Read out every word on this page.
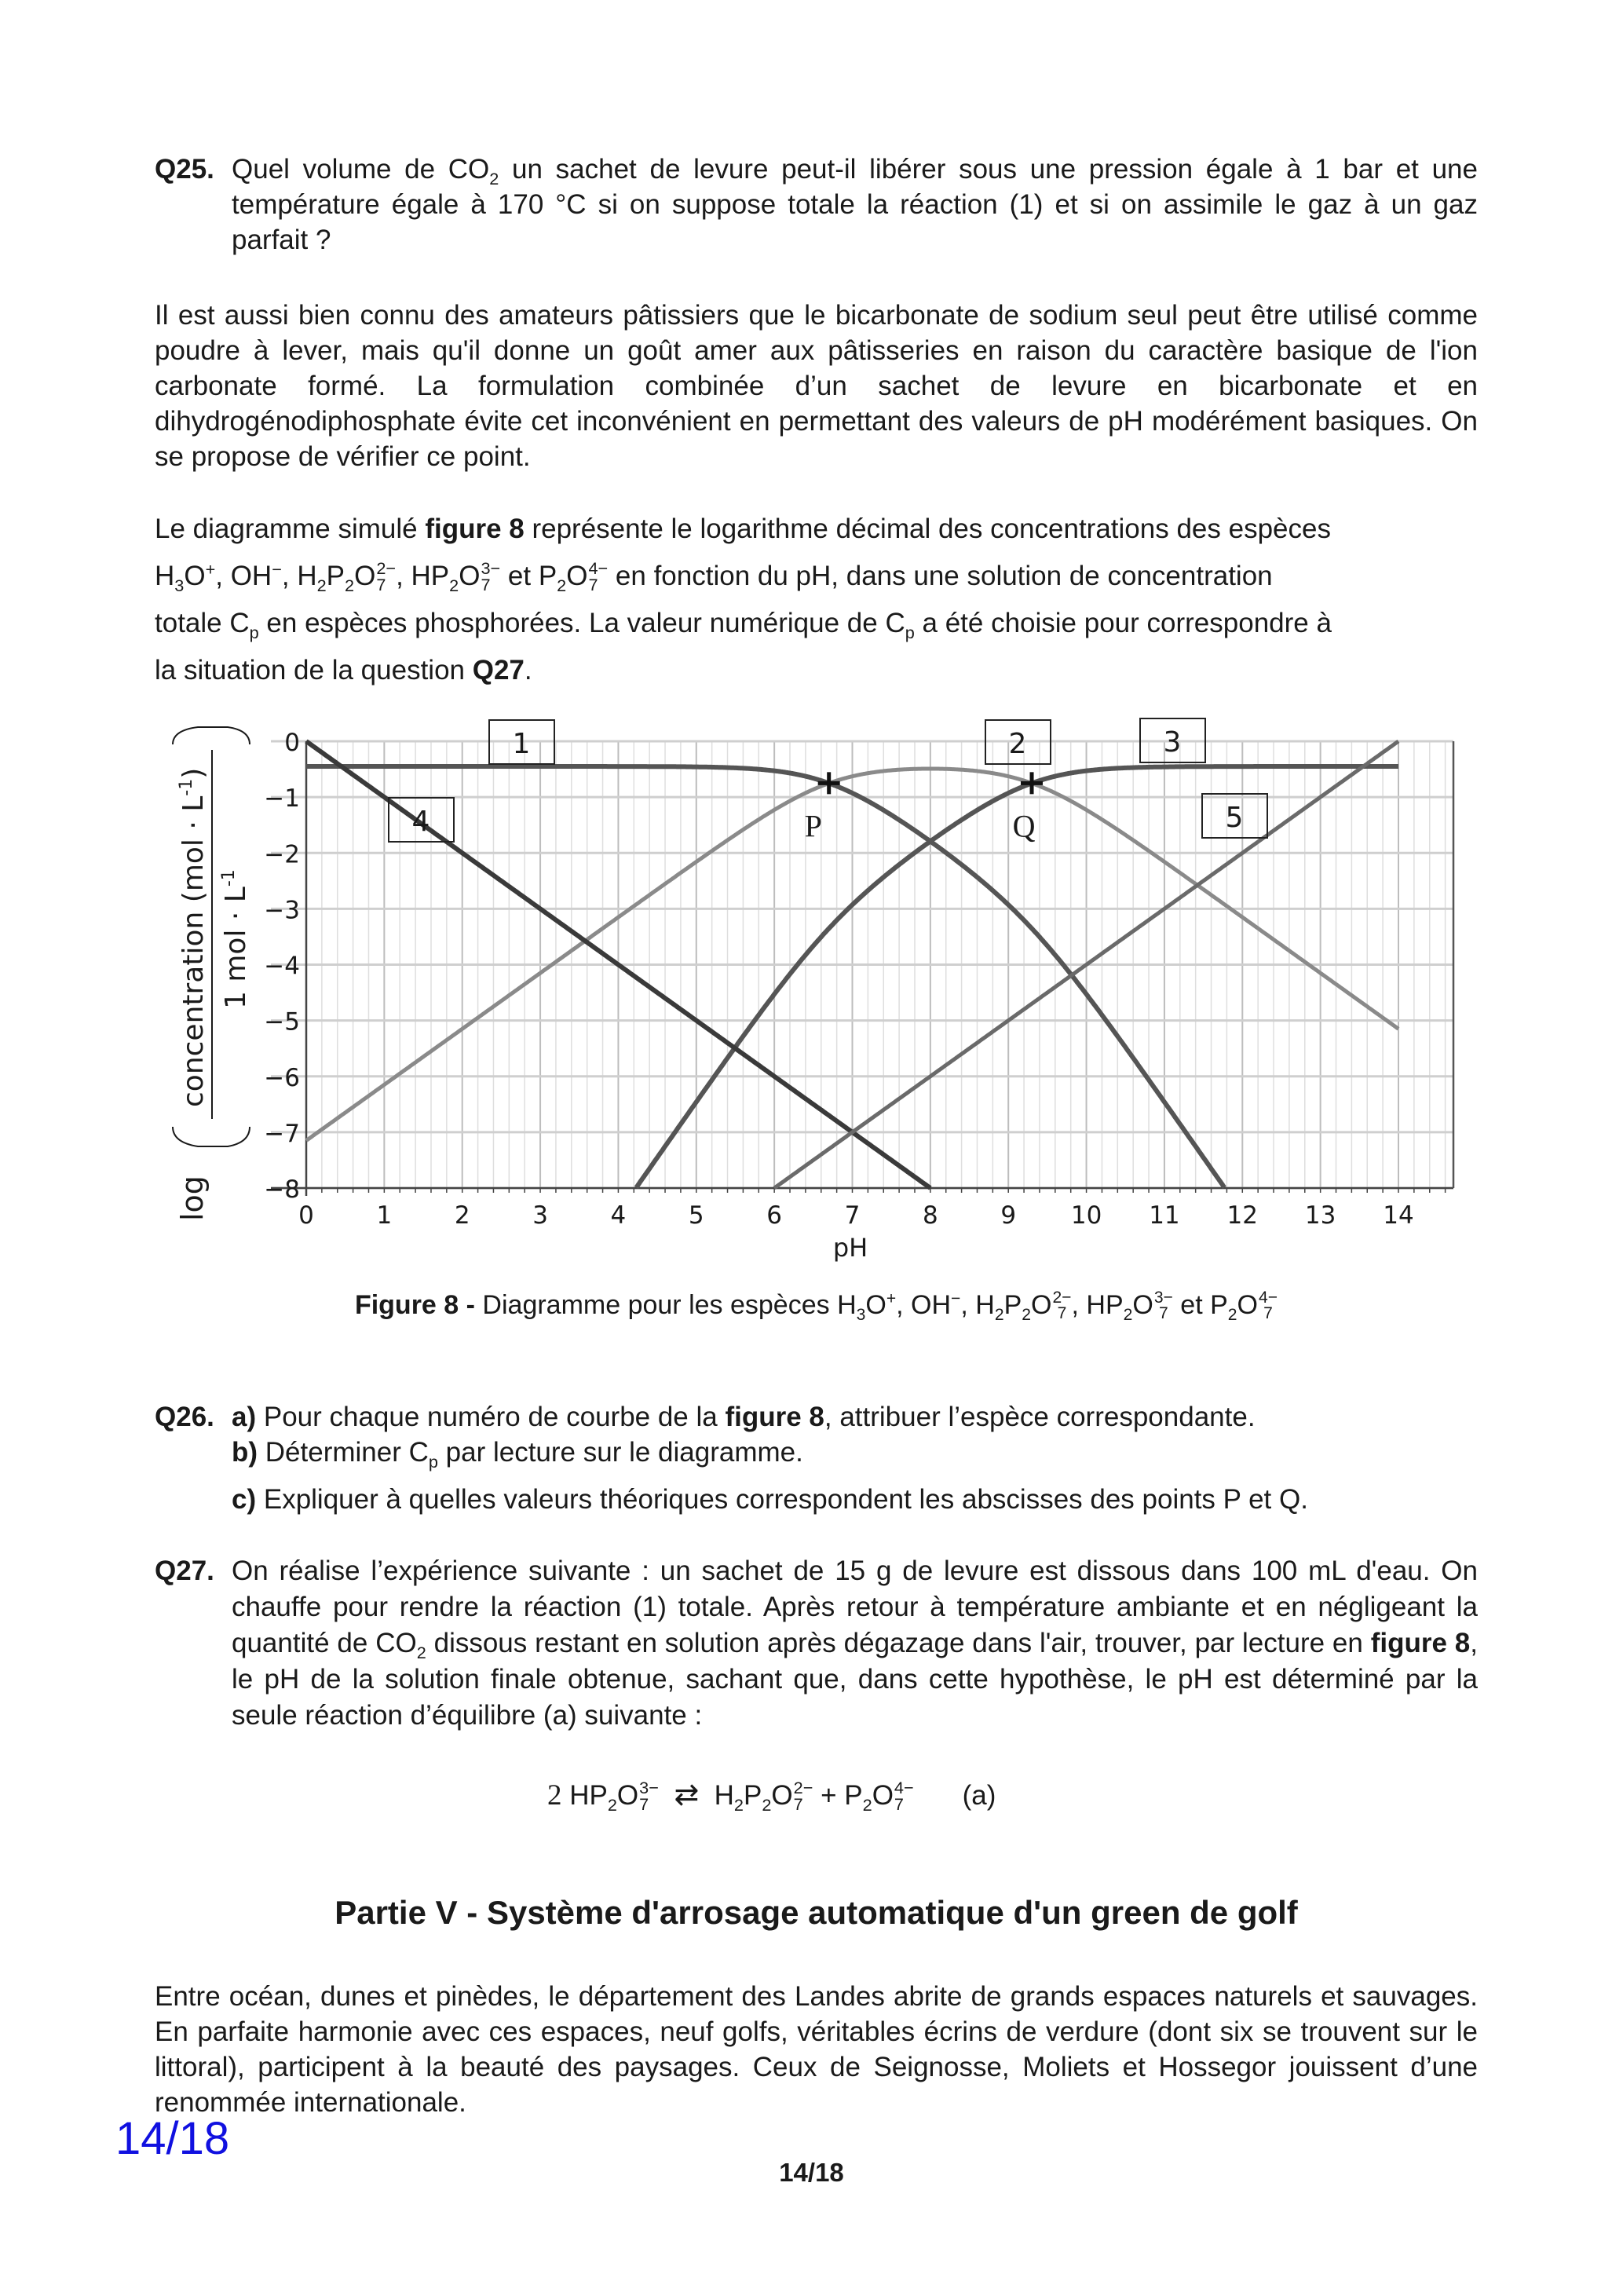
Q25. Quel volume de $CO_2$ un sachet de levure peut-il libérer sous une pression égale à 1 bar et une température égale à 170 °C si on suppose totale la réaction (1) et si on assimile le gaz à un gaz parfait ?
Il est aussi bien connu des amateurs pâtissiers que le bicarbonate de sodium seul peut être utilisé comme poudre à lever, mais qu'il donne un goût amer aux pâtisseries en raison du caractère basique de l'ion carbonate formé. La formulation combinée d’un sachet de levure en bicarbonate et en dihydrogénodiphosphate évite cet inconvénient en permettant des valeurs de pH modérément basiques. On se propose de vérifier ce point.
Le diagramme simulé figure 8 représente le logarithme décimal des concentrations des espèces
$H_3O^+$, OH−, $H_2P_2O$ 2−
7 , $HP_2O$ 3−
7 et $P_2O$ 4−
7 en fonction du pH, dans une solution de concentration
totale $C_p$ en espèces phosphorées. La valeur numérique de $C_p$ a été choisie pour correspondre à
la situation de la question Q27.
0	1	2	3	4	5	6	7	8	9 10 11 12 13 14
0
−1
−2
−3
−4
−5
−6
−7
−8
P	Q
1	2	3
4	5
log
concentration $(mol \cdot L^{-1})$
1 mol · $L^{-1}$
pH
Figure 8 - Diagramme pour les espèces $H_3O^+$, OH−, $H_2P_2O$ 2−
7 , $HP_2O$ 3−
7 et $P_2O$ 4−
7
Q26. a) Pour chaque numéro de courbe de la figure 8, attribuer l’espèce correspondante.
b) Déterminer $C_p$ par lecture sur le diagramme.
c) Expliquer à quelles valeurs théoriques correspondent les abscisses des points P et Q.
Q27. On réalise l’expérience suivante : un sachet de 15 g de levure est dissous dans 100 mL d'eau. On chauffe pour rendre la réaction (1) totale. Après retour à température ambiante et en négligeant la quantité de $CO_2$ dissous restant en solution après dégazage dans l'air, trouver, par lecture en figure 8, le pH de la solution finale obtenue, sachant que, dans cette hypothèse, le pH est déterminé par la seule réaction d’équilibre (a) suivante :
2 $HP_2O$ 3−
7 ⇄ $H_2P_2O$ 2−
$7 + P_2O$ 4−
7	(a)
Partie V - Système d'arrosage automatique d'un green de golf
Entre océan, dunes et pinèdes, le département des Landes abrite de grands espaces naturels et sauvages. En parfaite harmonie avec ces espaces, neuf golfs, véritables écrins de verdure (dont six se trouvent sur le littoral), participent à la beauté des paysages. Ceux de Seignosse, Moliets et Hossegor jouissent d’une renommée internationale.
14/18
14/18
